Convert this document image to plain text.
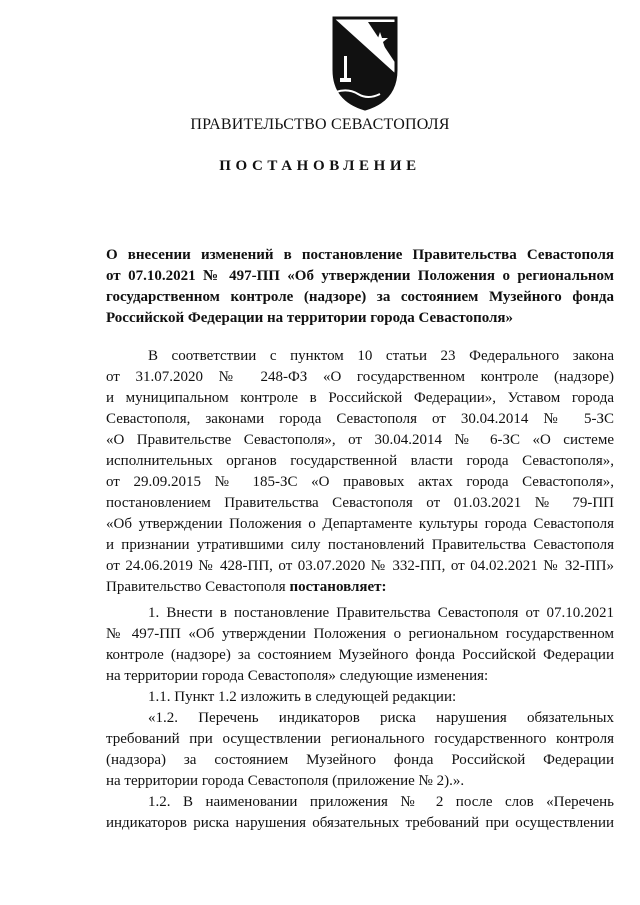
ПРАВИТЕЛЬСТВО СЕВАСТОПОЛЯ
ПОСТАНОВЛЕНИЕ
О внесении изменений в постановление Правительства Севастополя
от 07.10.2021 № 497-ПП «Об утверждении Положения о региональном
государственном контроле (надзоре) за состоянием Музейного фонда
Российской Федерации на территории города Севастополя»
В соответствии с пунктом 10 статьи 23 Федерального закона
от 31.07.2020 № 248-ФЗ «О государственном контроле (надзоре)
и муниципальном контроле в Российской Федерации», Уставом города
Севастополя, законами города Севастополя от 30.04.2014 № 5-ЗС
«О Правительстве Севастополя», от 30.04.2014 № 6-ЗС «О системе
исполнительных органов государственной власти города Севастополя»,
от 29.09.2015 № 185-ЗС «О правовых актах города Севастополя»,
постановлением Правительства Севастополя от 01.03.2021 № 79-ПП
«Об утверждении Положения о Департаменте культуры города Севастополя
и признании утратившими силу постановлений Правительства Севастополя
от 24.06.2019 № 428-ПП, от 03.07.2020 № 332-ПП, от 04.02.2021 № 32-ПП»
Правительство Севастополя постановляет:
1. Внести в постановление Правительства Севастополя от 07.10.2021
№ 497-ПП «Об утверждении Положения о региональном государственном
контроле (надзоре) за состоянием Музейного фонда Российской Федерации
на территории города Севастополя» следующие изменения:
1.1. Пункт 1.2 изложить в следующей редакции:
«1.2. Перечень индикаторов риска нарушения обязательных
требований при осуществлении регионального государственного контроля
(надзора) за состоянием Музейного фонда Российской Федерации
на территории города Севастополя (приложение № 2).».
1.2. В наименовании приложения № 2 после слов «Перечень
индикаторов риска нарушения обязательных требований при осуществлении
